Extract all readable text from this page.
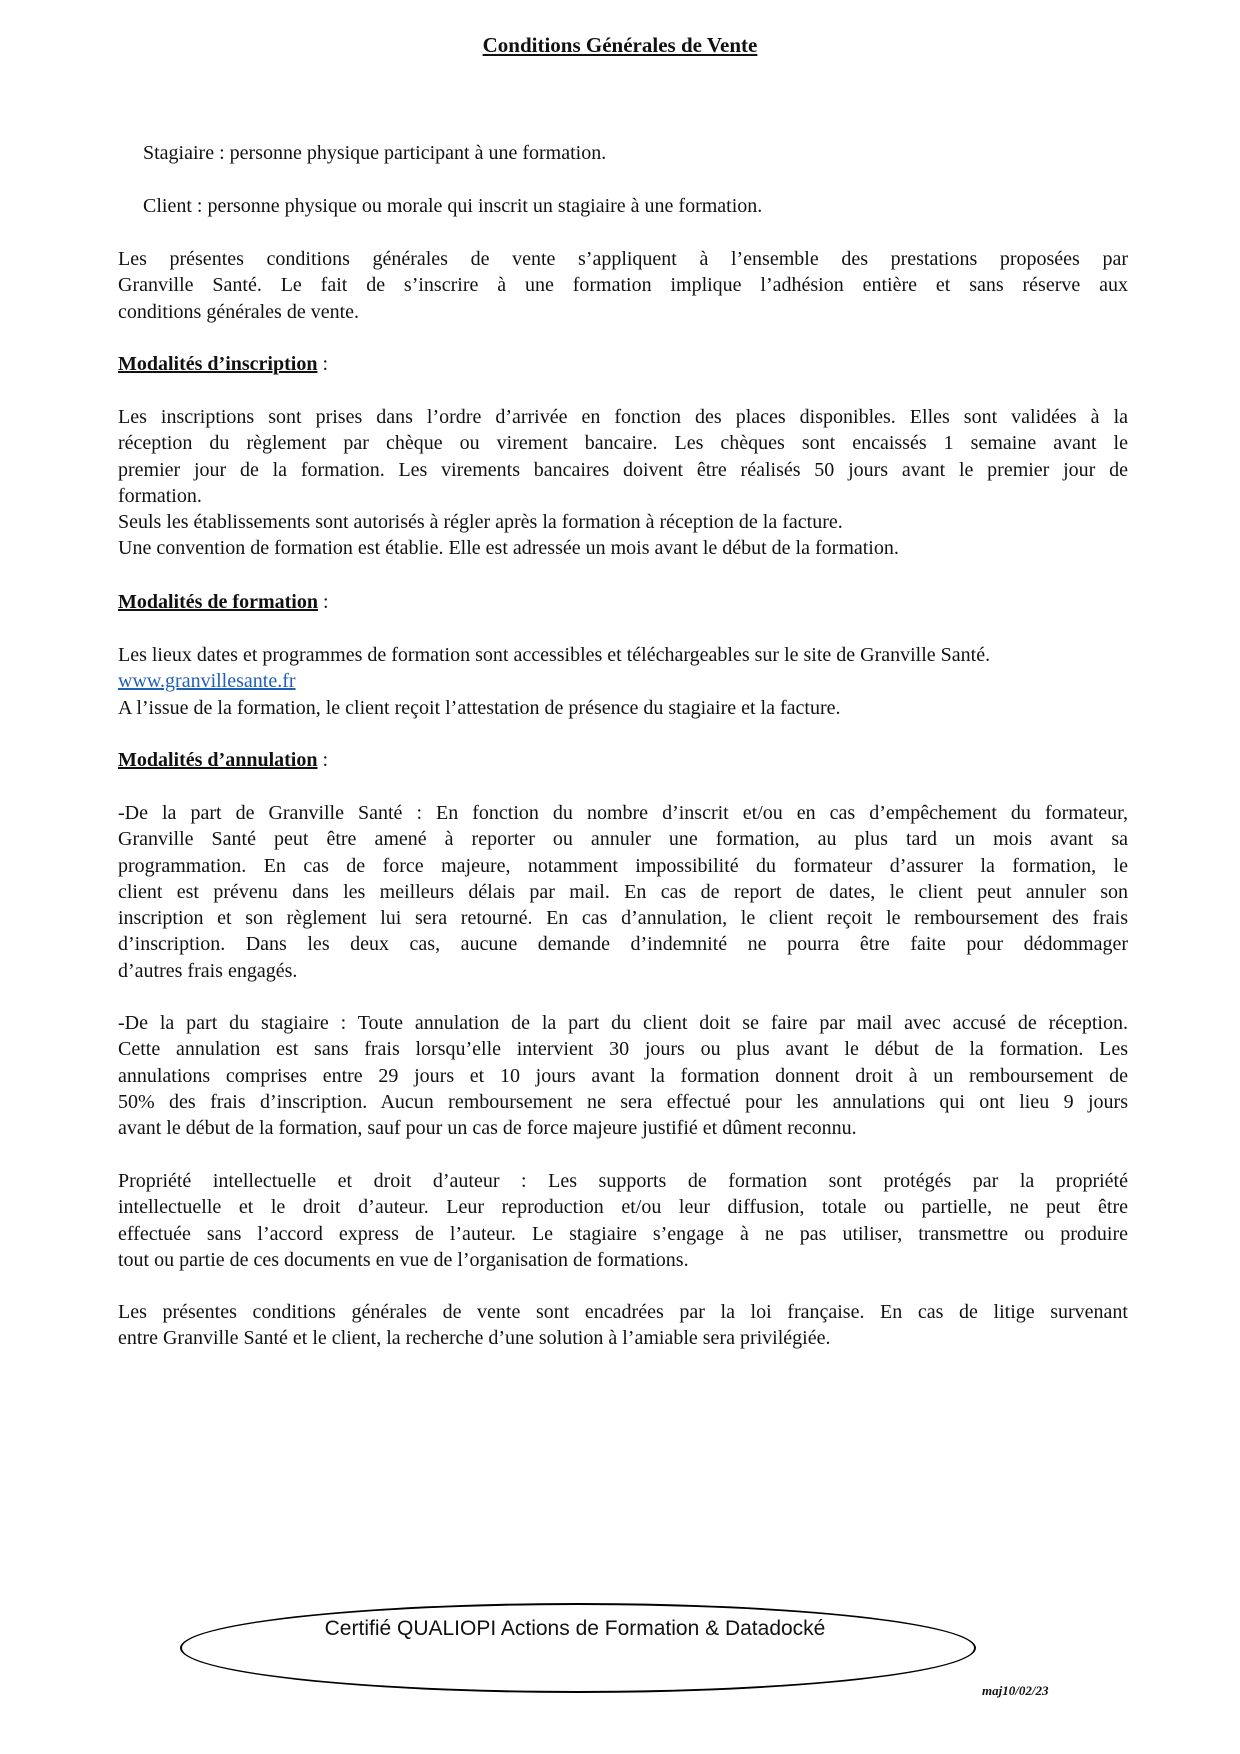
Conditions Générales de Vente
Stagiaire : personne physique participant à une formation.
Client : personne physique ou morale qui inscrit un stagiaire à une formation.
Les présentes conditions générales de vente s’appliquent à l’ensemble des prestations proposées par
Granville Santé. Le fait de s’inscrire à une formation implique l’adhésion entière et sans réserve aux
conditions générales de vente.
Modalités d’inscription :
Les inscriptions sont prises dans l’ordre d’arrivée en fonction des places disponibles. Elles sont validées à la
réception du règlement par chèque ou virement bancaire. Les chèques sont encaissés 1 semaine avant le
premier jour de la formation. Les virements bancaires doivent être réalisés 50 jours avant le premier jour de
formation.
Seuls les établissements sont autorisés à régler après la formation à réception de la facture.
Une convention de formation est établie. Elle est adressée un mois avant le début de la formation.
Modalités de formation :
Les lieux dates et programmes de formation sont accessibles et téléchargeables sur le site de Granville Santé.
www.granvillesante.fr
A l’issue de la formation, le client reçoit l’attestation de présence du stagiaire et la facture.
Modalités d’annulation :
-De la part de Granville Santé : En fonction du nombre d’inscrit et/ou en cas d’empêchement du formateur,
Granville Santé peut être amené à reporter ou annuler une formation, au plus tard un mois avant sa
programmation. En cas de force majeure, notamment impossibilité du formateur d’assurer la formation, le
client est prévenu dans les meilleurs délais par mail. En cas de report de dates, le client peut annuler son
inscription et son règlement lui sera retourné. En cas d’annulation, le client reçoit le remboursement des frais
d’inscription. Dans les deux cas, aucune demande d’indemnité ne pourra être faite pour dédommager
d’autres frais engagés.
-De la part du stagiaire : Toute annulation de la part du client doit se faire par mail avec accusé de réception.
Cette annulation est sans frais lorsqu’elle intervient 30 jours ou plus avant le début de la formation. Les
annulations comprises entre 29 jours et 10 jours avant la formation donnent droit à un remboursement de
50% des frais d’inscription. Aucun remboursement ne sera effectué pour les annulations qui ont lieu 9 jours
avant le début de la formation, sauf pour un cas de force majeure justifié et dûment reconnu.
Propriété intellectuelle et droit d’auteur : Les supports de formation sont protégés par la propriété
intellectuelle et le droit d’auteur. Leur reproduction et/ou leur diffusion, totale ou partielle, ne peut être
effectuée sans l’accord express de l’auteur. Le stagiaire s’engage à ne pas utiliser, transmettre ou produire
tout ou partie de ces documents en vue de l’organisation de formations.
Les présentes conditions générales de vente sont encadrées par la loi française. En cas de litige survenant
entre Granville Santé et le client, la recherche d’une solution à l’amiable sera privilégiée.
Certifié QUALIOPI Actions de Formation & Datadocké
maj10/02/23
